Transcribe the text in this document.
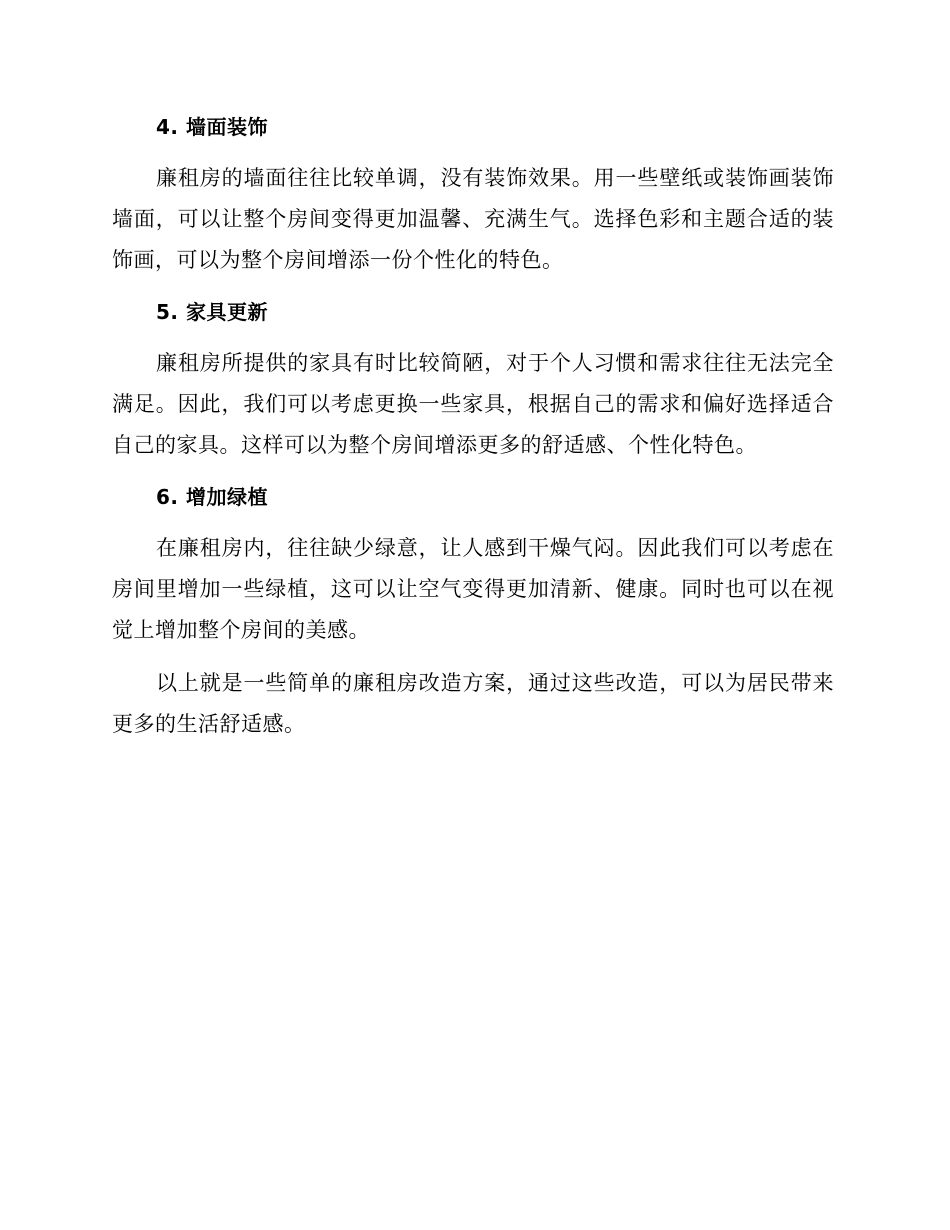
4. 墙面装饰

廉租房的墙面往往比较单调，没有装饰效果。用一些壁纸或装饰画装饰墙面，可以让整个房间变得更加温馨、充满生气。选择色彩和主题合适的装饰画，可以为整个房间增添一份个性化的特色。

5. 家具更新

廉租房所提供的家具有时比较简陋，对于个人习惯和需求往往无法完全满足。因此，我们可以考虑更换一些家具，根据自己的需求和偏好选择适合自己的家具。这样可以为整个房间增添更多的舒适感、个性化特色。

6. 增加绿植

在廉租房内，往往缺少绿意，让人感到干燥气闷。因此我们可以考虑在房间里增加一些绿植，这可以让空气变得更加清新、健康。同时也可以在视觉上增加整个房间的美感。

以上就是一些简单的廉租房改造方案，通过这些改造，可以为居民带来更多的生活舒适感。
